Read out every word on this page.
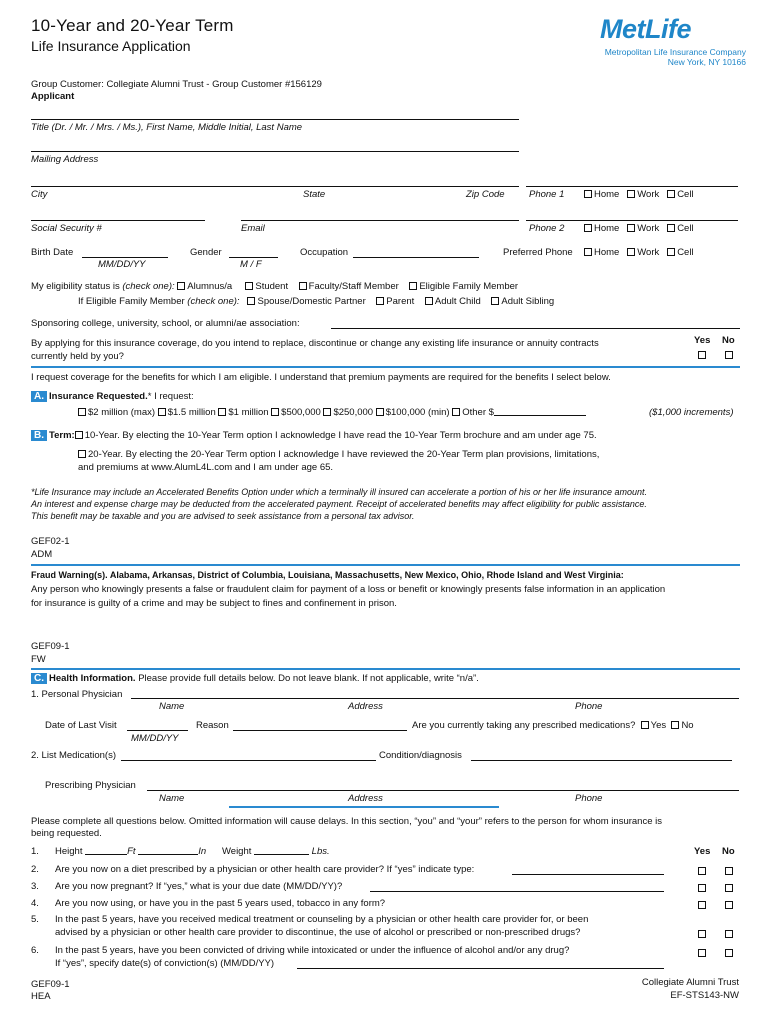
10-Year and 20-Year Term
Life Insurance Application
MetLife
Metropolitan Life Insurance Company
New York, NY 10166
Group Customer: Collegiate Alumni Trust - Group Customer #156129
Applicant
Title (Dr. / Mr. / Mrs. / Ms.), First Name, Middle Initial, Last Name
Mailing Address
City	State	Zip Code	Phone 1	Home Work Cell
Social Security #	Email	Phone 2	Home Work Cell
Birth Date
MM/DD/YY
Gender
M / F
Occupation	Preferred Phone	Home Work Cell
My eligibility status is (check one): Alumnus/a Student Faculty/Staff Member Eligible Family Member
If Eligible Family Member (check one): Spouse/Domestic Partner Parent Adult Child Adult Sibling
Sponsoring college, university, school, or alumni/ae association:
By applying for this insurance coverage, do you intend to replace, discontinue or change any existing life insurance or annuity contracts
currently held by you?
Yes No
I request coverage for the benefits for which I am eligible. I understand that premium payments are required for the benefits I select below.
A. Insurance Requested.* I request:
$2 million (max) $1.5 million $1 million $500,000 $250,000 $100,000 (min) Other $	($1,000 increments)
B. Term: 10-Year. By electing the 10-Year Term option I acknowledge I have read the 10-Year Term brochure and am under age 75.
20-Year. By electing the 20-Year Term option I acknowledge I have reviewed the 20-Year Term plan provisions, limitations,
and premiums at www.AlumL4L.com and I am under age 65.
*Life Insurance may include an Accelerated Benefits Option under which a terminally ill insured can accelerate a portion of his or her life insurance amount.
An interest and expense charge may be deducted from the accelerated payment. Receipt of accelerated benefits may affect eligibility for public assistance.
This benefit may be taxable and you are advised to seek assistance from a personal tax advisor.
GEF02-1
ADM
Fraud Warning(s). Alabama, Arkansas, District of Columbia, Louisiana, Massachusetts, New Mexico, Ohio, Rhode Island and West Virginia:
Any person who knowingly presents a false or fraudulent claim for payment of a loss or benefit or knowingly presents false information in an application
for insurance is guilty of a crime and may be subject to fines and confinement in prison.
GEF09-1
FW
C. Health Information. Please provide full details below. Do not leave blank. If not applicable, write “n/a”.
1. Personal Physician
Name	Address	Phone
Date of Last Visit
MM/DD/YY
Reason	Are you currently taking any prescribed medications? Yes No
2. List Medication(s)	Condition/diagnosis
Prescribing Physician
Name	Address	Phone
Please complete all questions below. Omitted information will cause delays. In this section, “you” and “your” refers to the person for whom insurance is
being requested.
Yes No
1. Height	Ft	In Weight	Lbs.
2. Are you now on a diet prescribed by a physician or other health care provider? If “yes” indicate type:
3. Are you now pregnant? If “yes,” what is your due date (MM/DD/YY)?
4. Are you now using, or have you in the past 5 years used, tobacco in any form?
5. In the past 5 years, have you received medical treatment or counseling by a physician or other health care provider for, or been
advised by a physician or other health care provider to discontinue, the use of alcohol or prescribed or non-prescribed drugs?
6. In the past 5 years, have you been convicted of driving while intoxicated or under the influence of alcohol and/or any drug?
If “yes”, specify date(s) of conviction(s) (MM/DD/YY)
GEF09-1
HEA
Collegiate Alumni Trust
EF-STS143-NW
